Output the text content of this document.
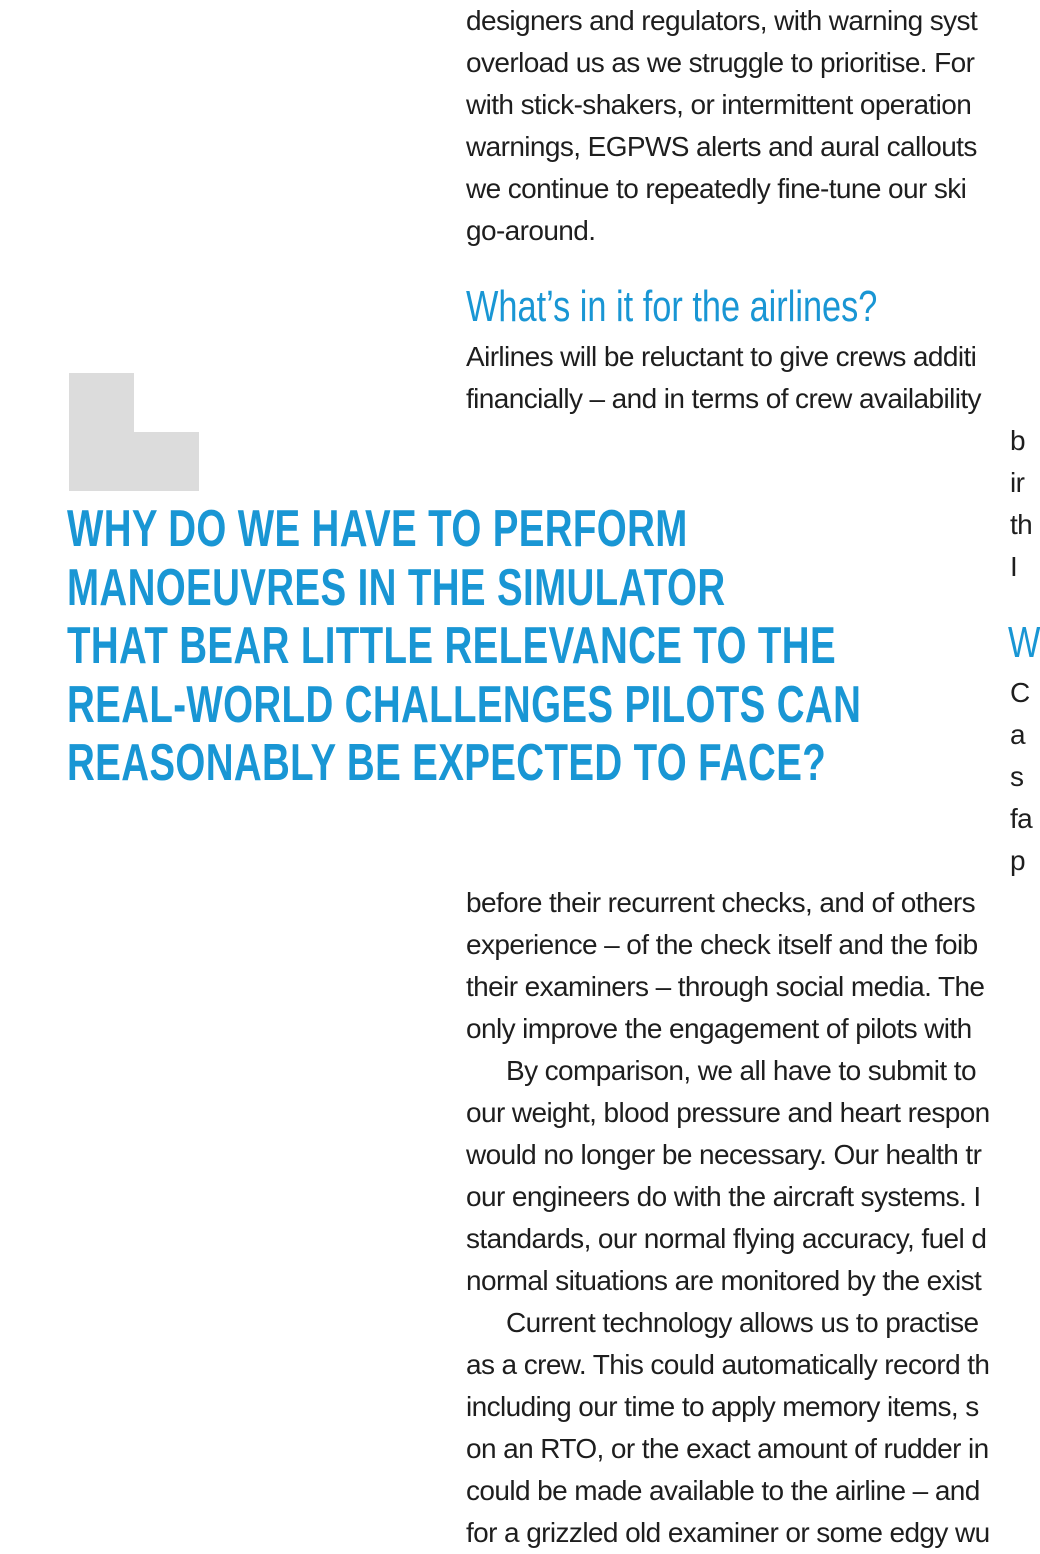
designers and regulators, with warning syst

overload us as we struggle to prioritise. For

with stick-shakers, or intermittent operation

warnings, EGPWS alerts and aural callouts

we continue to repeatedly fine-tune our ski

go-around.

What’s in it for the airlines?

Airlines will be reluctant to give crews additi

financially – and in terms of crew availability

b

ir

th

I

W

C

a

s

fa

p

before their recurrent checks, and of others

experience – of the check itself and the foib

their examiners – through social media. The

only improve the engagement of pilots with

By comparison, we all have to submit to

our weight, blood pressure and heart respon

would no longer be necessary. Our health tr

our engineers do with the aircraft systems. I

standards, our normal flying accuracy, fuel d

normal situations are monitored by the exist

Current technology allows us to practise

as a crew. This could automatically record th

including our time to apply memory items, s

on an RTO, or the exact amount of rudder in

could be made available to the airline – and

for a grizzled old examiner or some edgy wu

WHY DO WE HAVE TO PERFORM
MANOEUVRES IN THE SIMULATOR
THAT BEAR LITTLE RELEVANCE TO THE
REAL-WORLD CHALLENGES PILOTS CAN
REASONABLY BE EXPECTED TO FACE?
